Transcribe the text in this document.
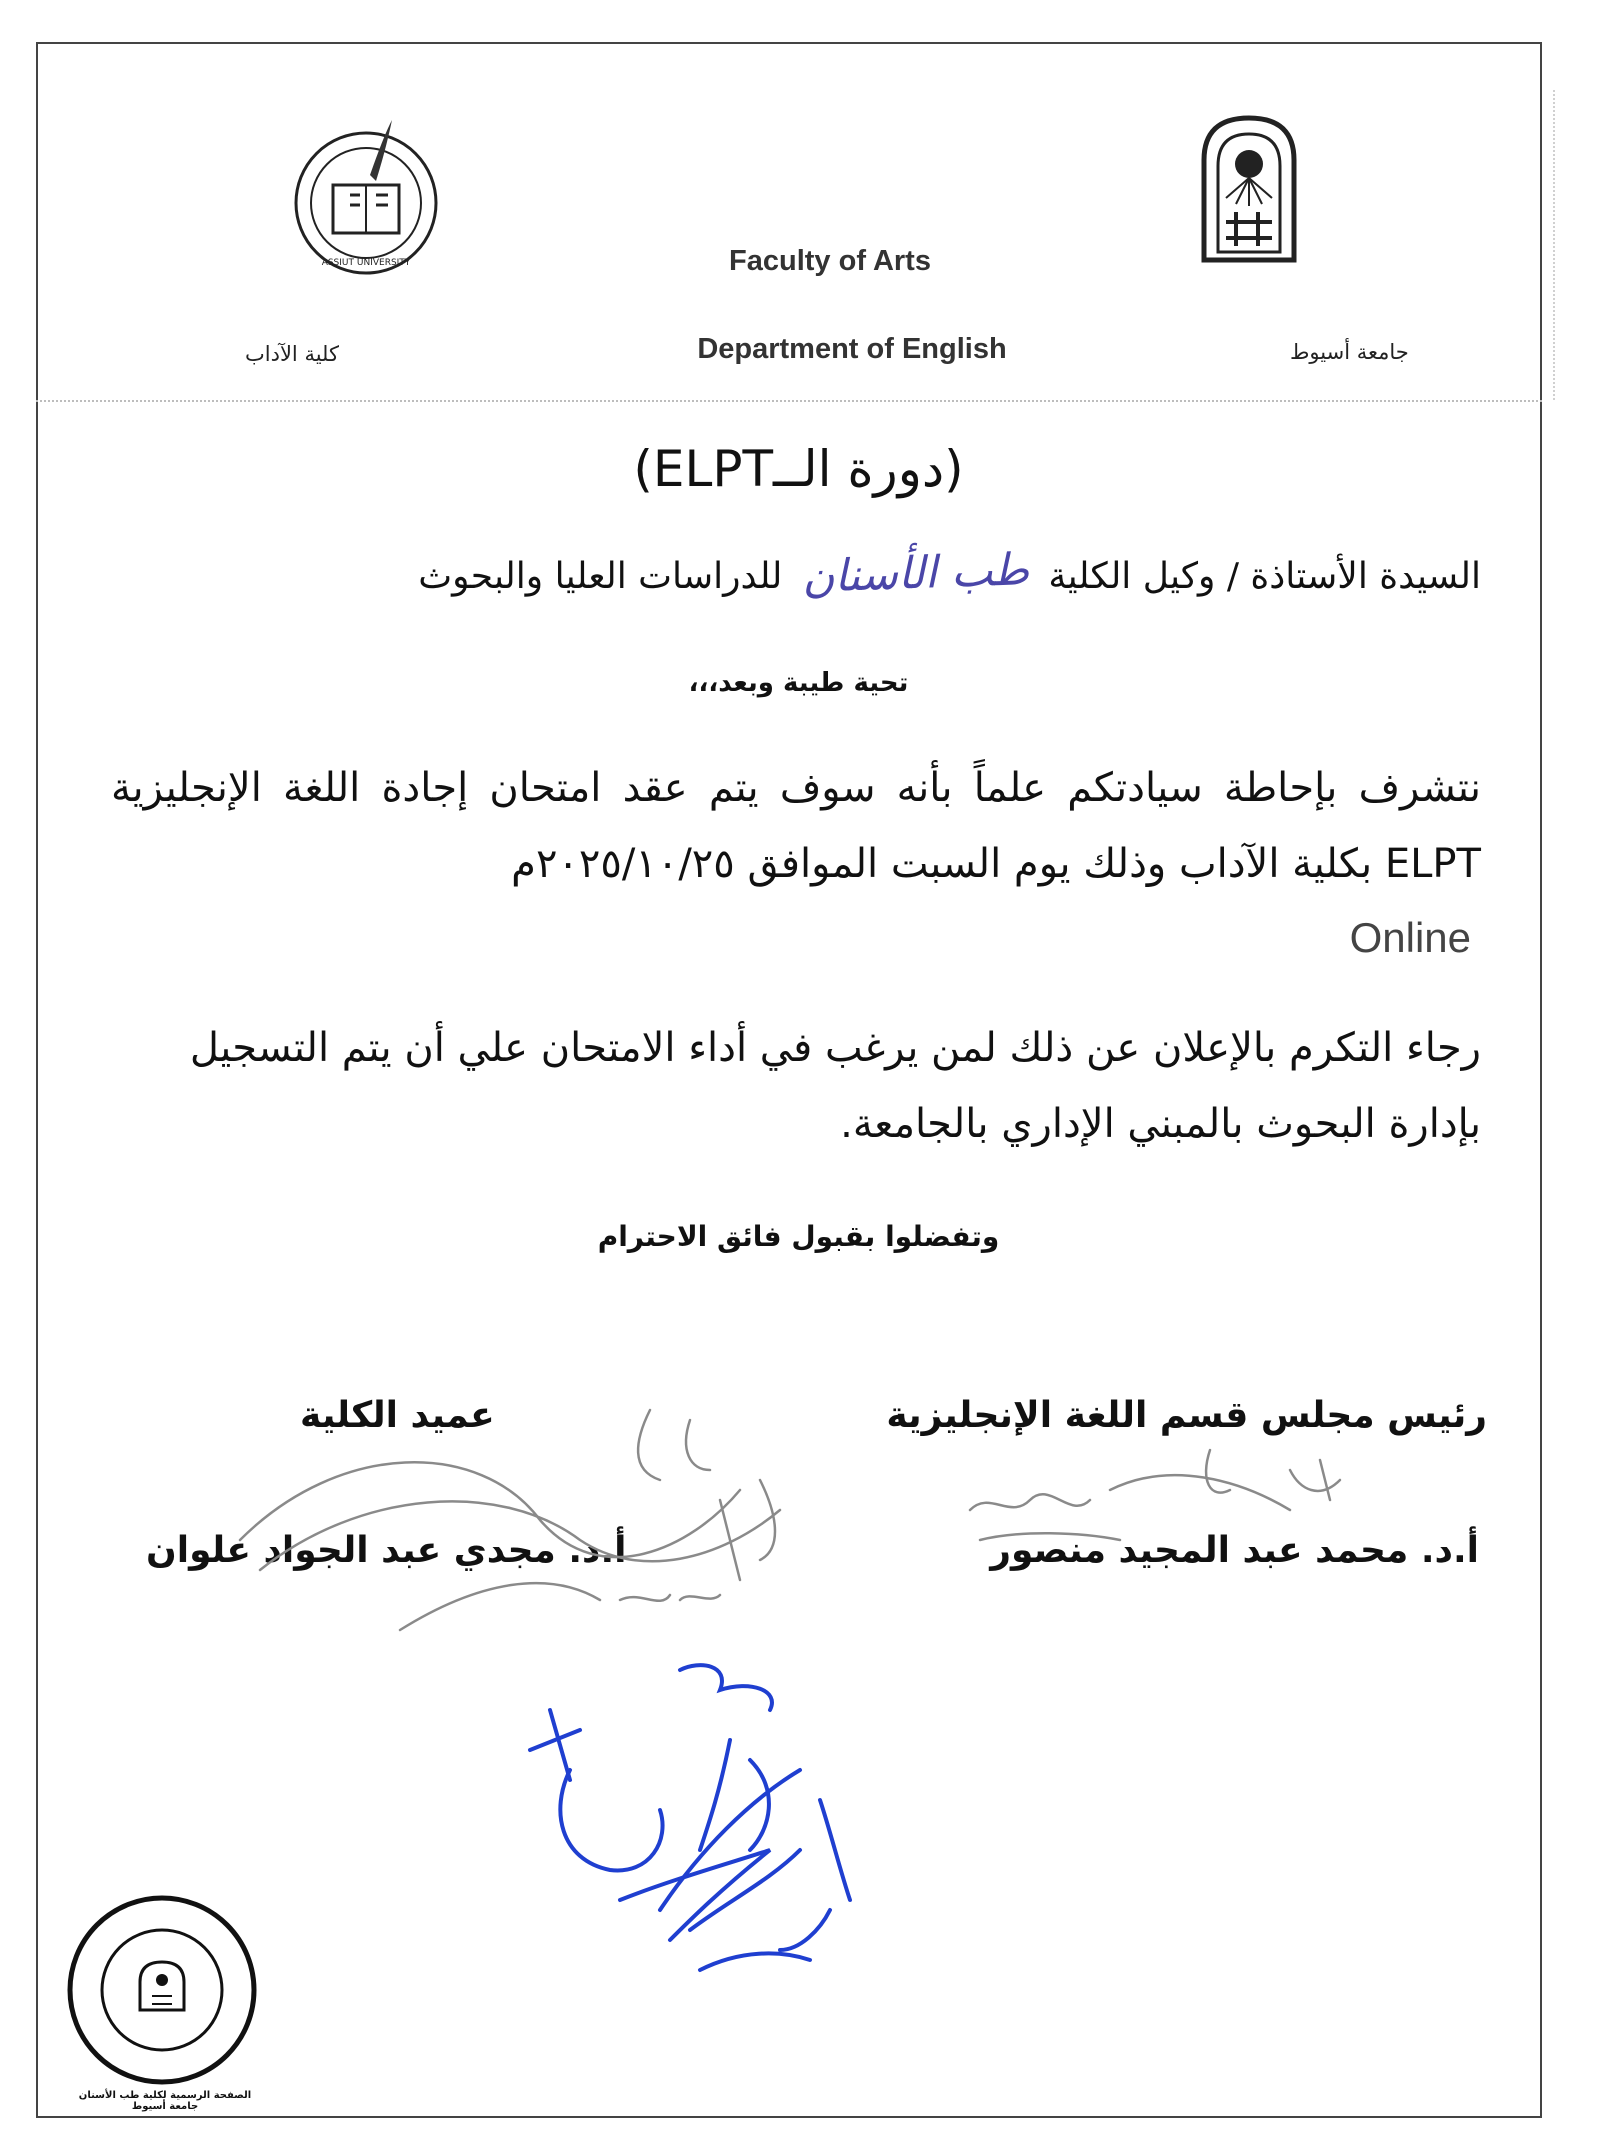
ASSIUT UNIVERSITY	Faculty of Arts
Department of English	جامعة أسيوط
كلية الآداب
(دورة الــELPT)
السيدة الأستاذة / وكيل الكلية طب الأسنان للدراسات العليا والبحوث
تحية طيبة وبعد،،،
نتشرف بإحاطة سيادتكم علماً بأنه سوف يتم عقد امتحان إجادة اللغة الإنجليزية ELPT بكلية الآداب وذلك يوم السبت الموافق ٢٠٢٥/١٠/٢٥م
Online
رجاء التكرم بالإعلان عن ذلك لمن يرغب في أداء الامتحان علي أن يتم التسجيل بإدارة البحوث بالمبني الإداري بالجامعة.
وتفضلوا بقبول فائق الاحترام
رئيس مجلس قسم اللغة الإنجليزية
أ.د. محمد عبد المجيد منصور
عميد الكلية
أ.د. مجدي عبد الجواد علوان
الصفحة الرسمية لكلية طب الأسنان جامعة أسيوط
